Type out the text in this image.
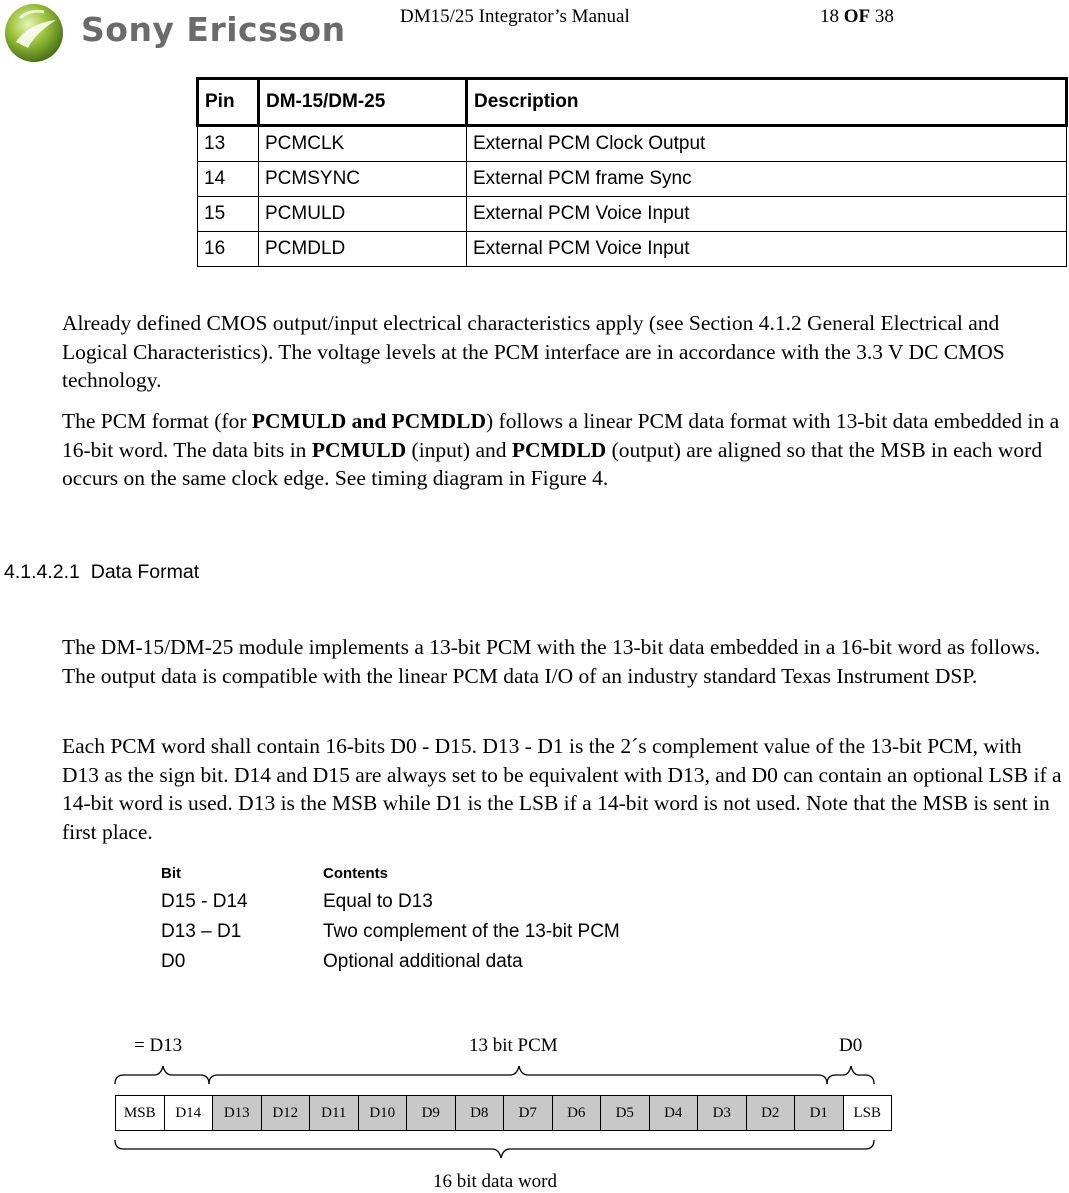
Sony Ericsson	DM15/25 Integrator’s Manual	18 OF 38
Pin	DM-15/DM-25	Description
13	PCMCLK	External PCM Clock Output
14	PCMSYNC	External PCM frame Sync
15	PCMULD	External PCM Voice Input
16	PCMDLD	External PCM Voice Input

Already defined CMOS output/input electrical characteristics apply (see Section 4.1.2 General Electrical and Logical Characteristics). The voltage levels at the PCM interface are in accordance with the 3.3 V DC CMOS technology.

The PCM format (for PCMULD and PCMDLD) follows a linear PCM data format with 13-bit data embedded in a 16-bit word. The data bits in PCMULD (input) and PCMDLD (output) are aligned so that the MSB in each word occurs on the same clock edge. See timing diagram in Figure 4.

4.1.4.2.1 Data Format

The DM-15/DM-25 module implements a 13-bit PCM with the 13-bit data embedded in a 16-bit word as follows. The output data is compatible with the linear PCM data I/O of an industry standard Texas Instrument DSP.

Each PCM word shall contain 16-bits D0 - D15. D13 - D1 is the 2´s complement value of the 13-bit PCM, with D13 as the sign bit. D14 and D15 are always set to be equivalent with D13, and D0 can contain an optional LSB if a 14-bit word is used. D13 is the MSB while D1 is the LSB if a 14-bit word is not used. Note that the MSB is sent in first place.

Bit	Contents
D15 - D14	Equal to D13
D13 – D1	Two complement of the 13-bit PCM
D0	Optional additional data
= D13	13 bit PCM	D0
MSB	D14	D13	D12	D11	D10	D9	D8	D7	D6	D5	D4	D3	D2	D1	LSB
16 bit data word
